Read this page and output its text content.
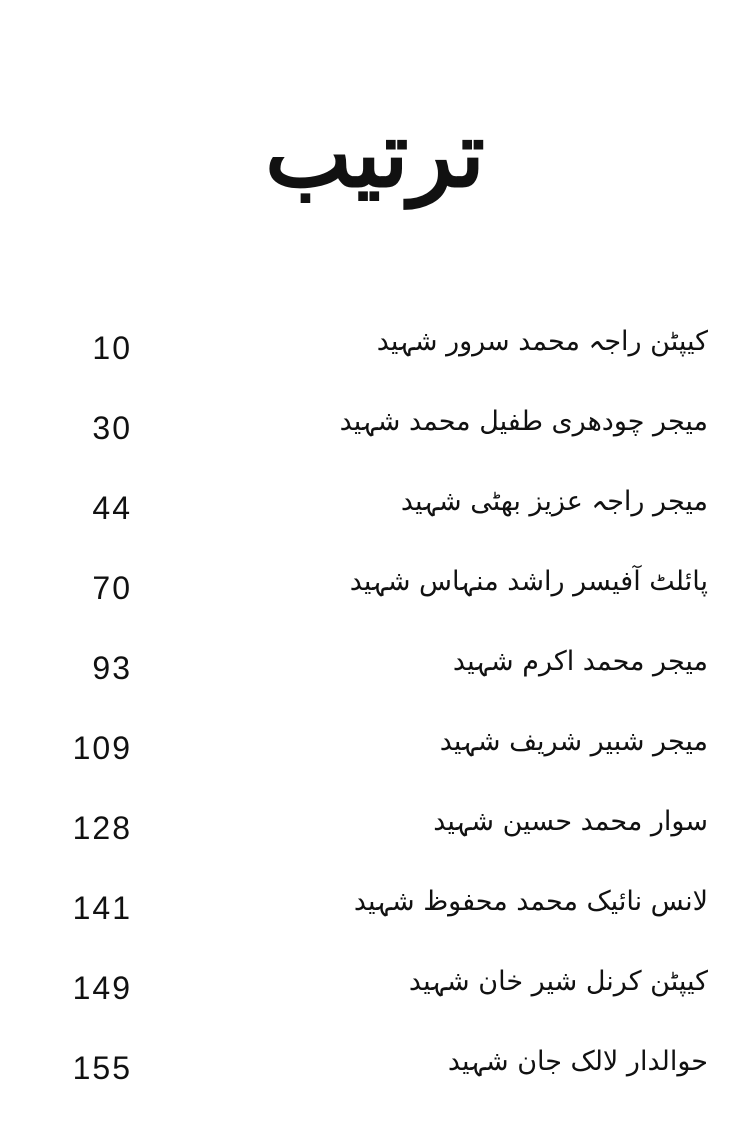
ترتیب
10	کیپٹن راجہ محمد سرور شہید
30	میجر چودھری طفیل محمد شہید
44	میجر راجہ عزیز بھٹی شہید
70	پائلٹ آفیسر راشد منہاس شہید
93	میجر محمد اکرم شہید
109	میجر شبیر شریف شہید
128	سوار محمد حسین شہید
141	لانس نائیک محمد محفوظ شہید
149	کیپٹن کرنل شیر خان شہید
155	حوالدار لالک جان شہید
